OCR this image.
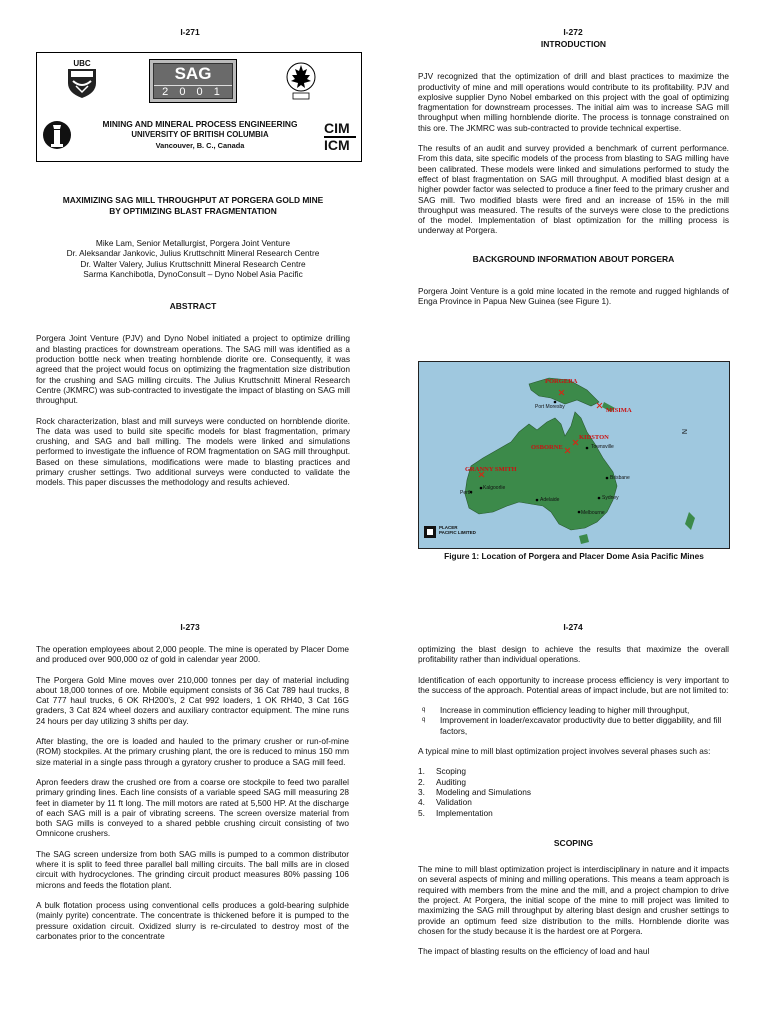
I-271	I-272
I-273	I-274
UBC
SAG
2 0 0 1
MINING AND MINERAL PROCESS ENGINEERING
UNIVERSITY OF BRITISH COLUMBIA
Vancouver, B. C., Canada
CIM
ICM
MAXIMIZING SAG MILL THROUGHPUT AT PORGERA GOLD MINE
BY OPTIMIZING BLAST FRAGMENTATION
Mike Lam, Senior Metallurgist, Porgera Joint Venture
Dr. Aleksandar Jankovic, Julius Kruttschnitt Mineral Research Centre
Dr. Walter Valery, Julius Kruttschnitt Mineral Research Centre
Sarma Kanchibotla, DynoConsult – Dyno Nobel Asia Pacific
ABSTRACT

Porgera Joint Venture (PJV) and Dyno Nobel initiated a project to optimize drilling and blasting practices for downstream operations. The SAG mill was identified as a production bottle neck when treating hornblende diorite ore. Consequently, it was agreed that the project would focus on optimizing the fragmentation size distribution for the crushing and SAG milling circuits. The Julius Kruttschnitt Mineral Research Centre (JKMRC) was sub-contracted to investigate the impact of blasting on SAG mill throughput.

Rock characterization, blast and mill surveys were conducted on hornblende diorite. The data was used to build site specific models for blast fragmentation, primary crushing, and SAG and ball milling. The models were linked and simulations performed to investigate the influence of ROM fragmentation on SAG mill throughput. Based on these simulations, modifications were made to blasting practices and primary crusher settings. Two additional surveys were conducted to validate the models. This paper discusses the methodology and results achieved.

INTRODUCTION

PJV recognized that the optimization of drill and blast practices to maximize the productivity of mine and mill operations would contribute to its profitability. PJV and explosive supplier Dyno Nobel embarked on this project with the goal of optimizing fragmentation for downstream processes. The initial aim was to increase SAG mill throughput when milling hornblende diorite. The process is tonnage constrained on this ore. The JKMRC was sub-contracted to provide technical expertise.

The results of an audit and survey provided a benchmark of current performance. From this data, site specific models of the process from blasting to SAG milling have been calibrated. These models were linked and simulations performed to study the effect of blast fragmentation on SAG mill throughput. A modified blast design at a higher powder factor was selected to produce a finer feed to the primary crusher and SAG mill. Two modified blasts were fired and an increase of 15% in the mill throughput was measured. The results of the surveys were close to the predictions of the model. Implementation of blast optimization for the milling process is underway at Porgera.

BACKGROUND INFORMATION ABOUT PORGERA

Porgera Joint Venture is a gold mine located in the remote and rugged highlands of Enga Province in Papua New Guinea (see Figure 1).

PORGERA
Port Moresby	MISIMA
KIDSTON
OSBORNE	Townsville
GRANNY SMITH
Kalgoorlie
Perth
Adelaide
Brisbane
Sydney
Melbourne
N
PLACER
PACIFIC LIMITED
Figure 1: Location of Porgera and Placer Dome Asia Pacific Mines

The operation employees about 2,000 people. The mine is operated by Placer Dome and produced over 900,000 oz of gold in calendar year 2000.

The Porgera Gold Mine moves over 210,000 tonnes per day of material including about 18,000 tonnes of ore. Mobile equipment consists of 36 Cat 789 haul trucks, 8 Cat 777 haul trucks, 6 OK RH200's, 2 Cat 992 loaders, 1 OK RH40, 3 Cat 16G graders, 3 Cat 824 wheel dozers and auxiliary contractor equipment. The mine runs 24 hours per day utilizing 3 shifts per day.

After blasting, the ore is loaded and hauled to the primary crusher or run-of-mine (ROM) stockpiles. At the primary crushing plant, the ore is reduced to minus 150 mm size material in a single pass through a gyratory crusher to produce a SAG mill feed.

Apron feeders draw the crushed ore from a coarse ore stockpile to feed two parallel primary grinding lines. Each line consists of a variable speed SAG mill measuring 28 feet in diameter by 11 ft long. The mill motors are rated at 5,500 HP. At the discharge of each SAG mill is a pair of vibrating screens. The screen oversize material from both SAG mills is conveyed to a shared pebble crushing circuit consisting of two Omnicone crushers.

The SAG screen undersize from both SAG mills is pumped to a common distributor where it is split to feed three parallel ball milling circuits. The ball mills are in closed circuit with hydrocyclones. The grinding circuit product measures 80% passing 106 microns and feeds the flotation plant.

A bulk flotation process using conventional cells produces a gold-bearing sulphide (mainly pyrite) concentrate. The concentrate is thickened before it is pumped to the pressure oxidation circuit. Oxidized slurry is re-circulated to destroy most of the carbonates prior to the concentrate

optimizing the blast design to achieve the results that maximize the overall profitability rather than individual operations.

Identification of each opportunity to increase process efficiency is very important to the success of the approach. Potential areas of impact include, but are not limited to:

q Increase in comminution efficiency leading to higher mill throughput,
q Improvement in loader/excavator productivity due to better diggability, and fill factors,

A typical mine to mill blast optimization project involves several phases such as:

1.	Scoping
2.	Auditing
3.	Modeling and Simulations
4.	Validation
5.	Implementation
SCOPING

The mine to mill blast optimization project is interdisciplinary in nature and it impacts on several aspects of mining and milling operations. This means a team approach is required with members from the mine and the mill, and a project champion to drive the project. At Porgera, the initial scope of the mine to mill project was limited to maximizing the SAG mill throughput by altering blast design and crusher settings to provide an optimum feed size distribution to the mills. Hornblende diorite was chosen for the study because it is the hardest ore at Porgera.

The impact of blasting results on the efficiency of load and haul
